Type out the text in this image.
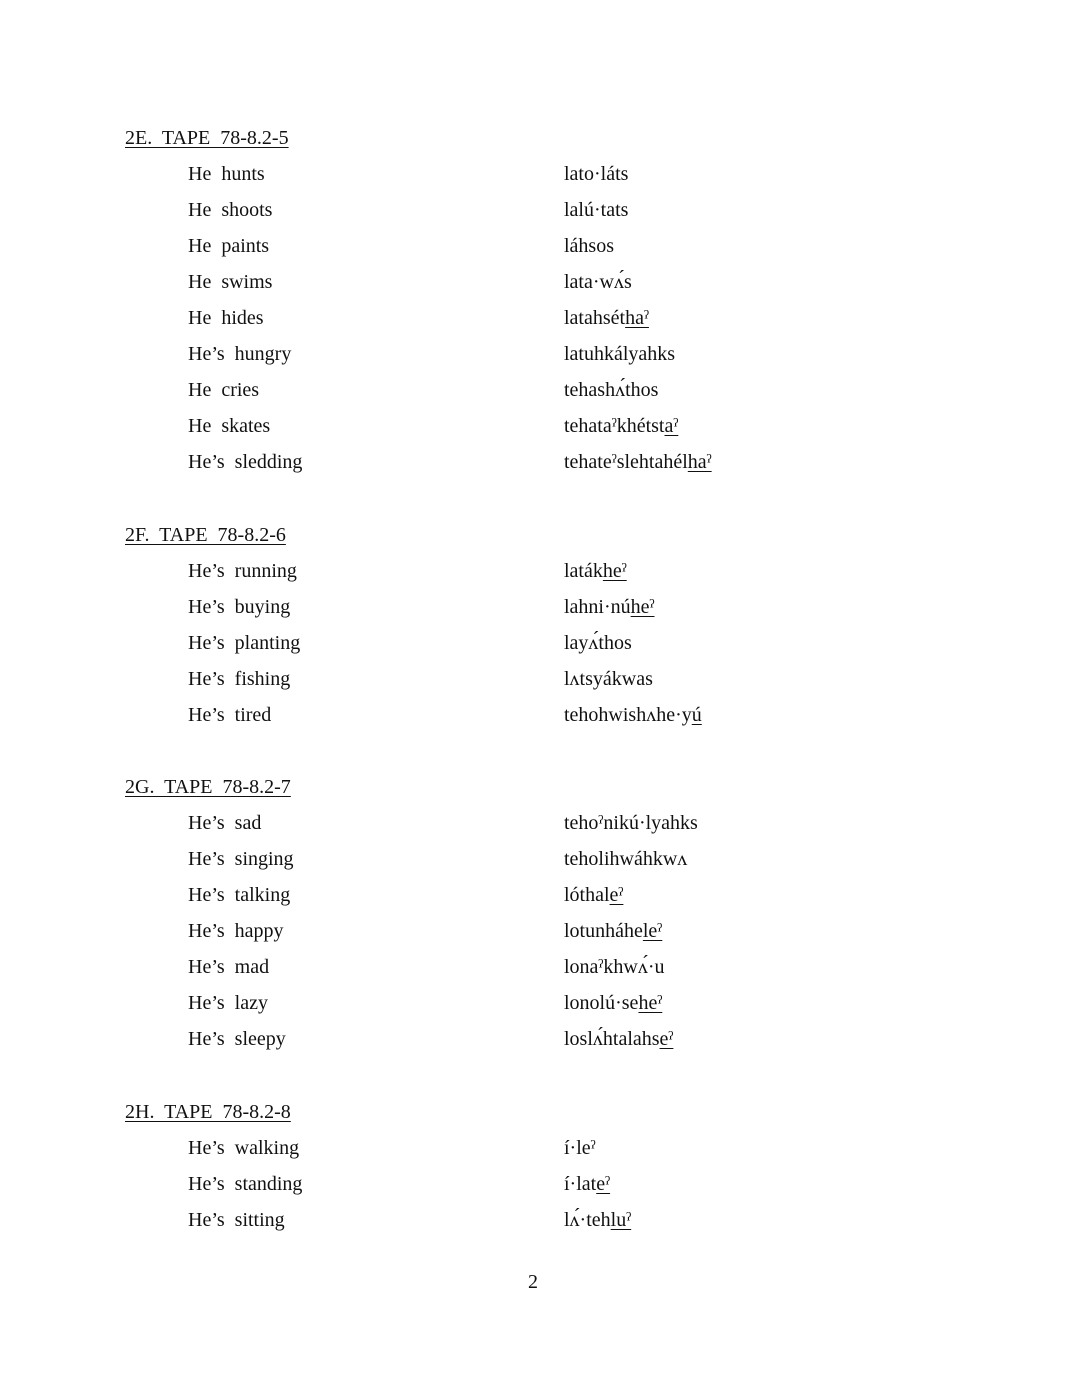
2E.  TAPE  78-8.2-5
He  hunts	lato·láts
He  shoots	lalú·tats
He  paints	láhsos
He  swims	lata·wʌ́s
He  hides	latahséthaˀ
He’s  hungry	latuhkályahks
He  cries	tehashʌ́thos
He  skates	tehataˀkhétstaˀ
He’s  sledding	tehateˀslehtahélhaˀ
2F.  TAPE  78-8.2-6
He’s  running	latákheˀ
He’s  buying	lahni·núheˀ
He’s  planting	layʌ́thos
He’s  fishing	lʌtsyákwas
He’s  tired	tehohwishʌhe·yú
2G.  TAPE  78-8.2-7
He’s  sad	tehoˀnikú·lyahks
He’s  singing	teholihwáhkwʌ
He’s  talking	lóthaleˀ
He’s  happy	lotunháheleˀ
He’s  mad	lonaˀkhwʌ́·u
He’s  lazy	lonolú·seheˀ
He’s  sleepy	loslʌ́htalahseˀ
2H.  TAPE  78-8.2-8
He’s  walking	í·leˀ
He’s  standing	í·lateˀ
He’s  sitting	lʌ́·tehluˀ
2
